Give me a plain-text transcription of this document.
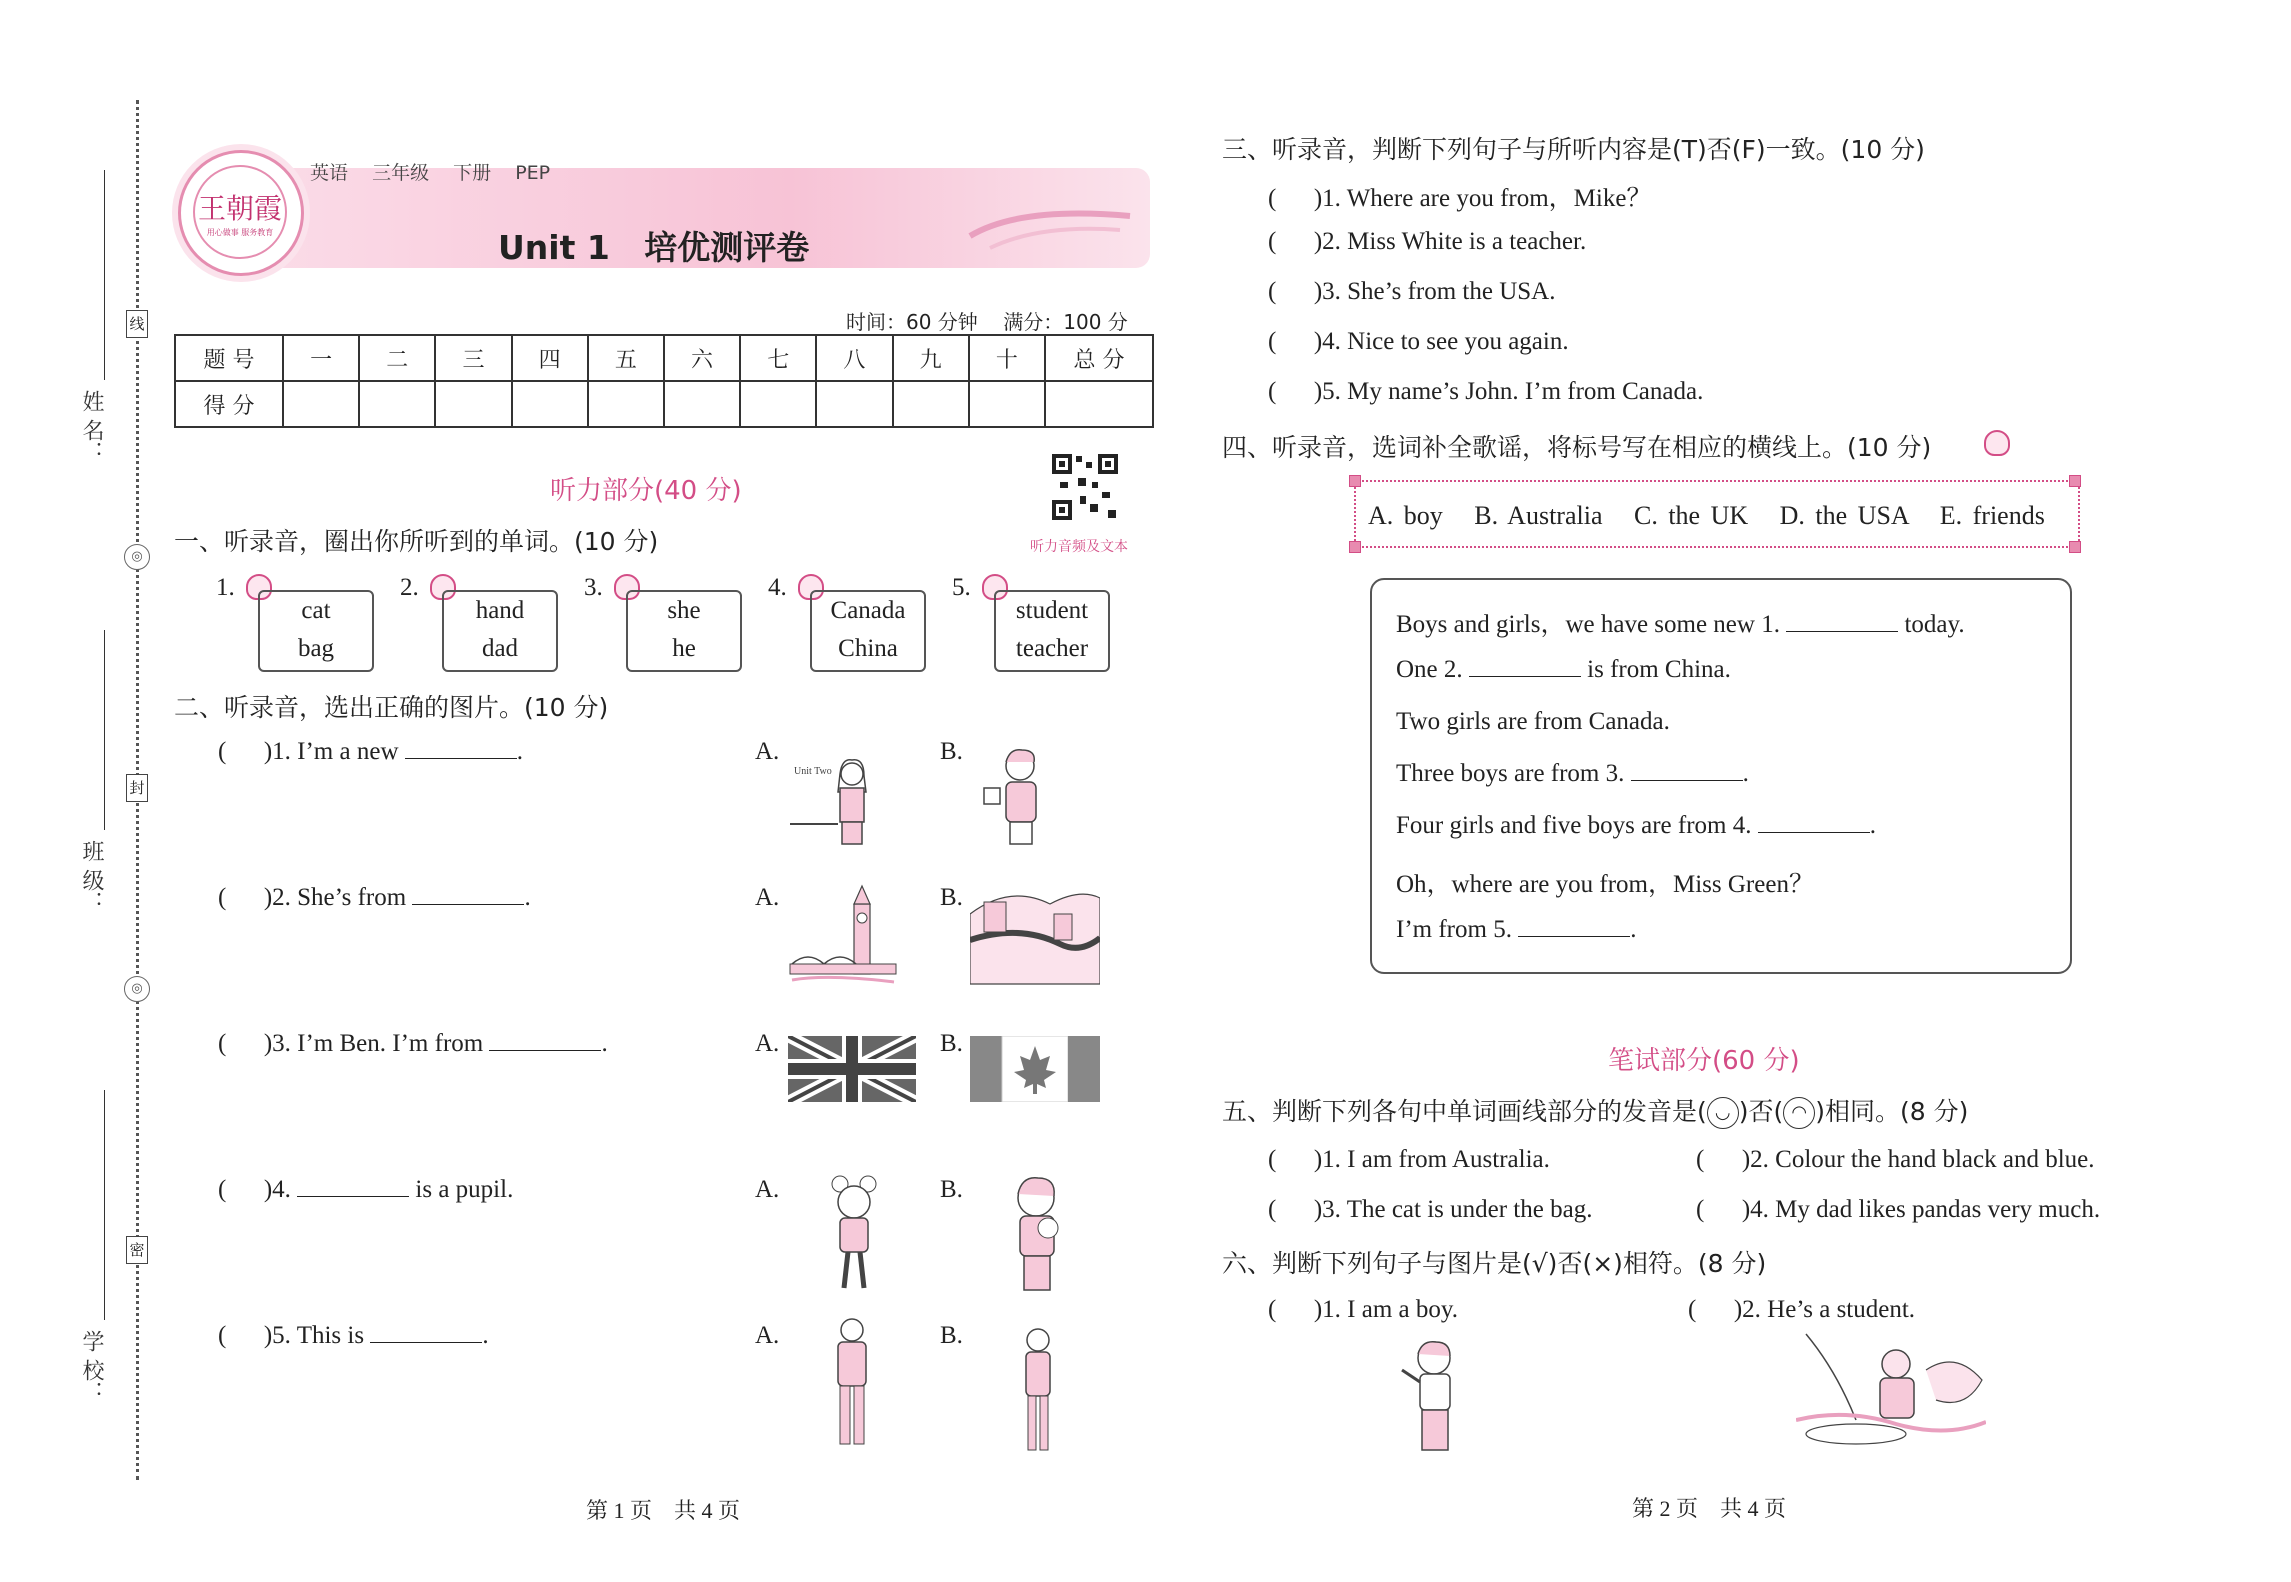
姓 名：
班 级：
学 校：
线
封
密
◎
◎
王朝霞
用心做事 服务教育
英语 三年级 下册 PEP
Unit 1   培优测评卷
时间：60 分钟 满分：100 分
题 号	一	二	三	四	五	六	七	八	九	十	总 分
得 分											
听力部分(40 分)
听力音频及文本
一、听录音，圈出你所听到的单词。(10 分)
1.
cat
bag
2.
hand
dad
3.
she
he
4.
Canada
China
5.
student
teacher
二、听录音，选出正确的图片。(10 分)
( )1. I’m a new	.	A.	B.
Unit Two
( )2. She’s from	.	A.	B.
( )3. I’m Ben. I’m from	.	A.	B.
( )4.	is a pupil.	A.	B.
( )5. This is	.	A.	B.
第 1 页    共 4 页
三、听录音，判断下列句子与所听内容是(T)否(F)一致。(10 分)
(      )1. Where are you from，Mike？
(      )2. Miss White is a teacher.
(      )3. She’s from the USA.
(      )4. Nice to see you again.
(      )5. My name’s John. I’m from Canada.
四、听录音，选词补全歌谣，将标号写在相应的横线上。(10 分)
A. boy   B. Australia   C. the UK   D. the USA   E. friends
Boys and girls，we have some new 1.	today.
One 2.	is from China.
Two girls are from Canada.
Three boys are from 3.	.
Four girls and five boys are from 4.	.
Oh，where are you from，Miss Green？
I’m from 5.	.
笔试部分(60 分)
五、判断下列各句中单词画线部分的发音是( ◡ )否( ◠ )相同。(8 分)
(      )1. I am from Australia.	(      )2. Colour the hand black and blue.
(      )3. The cat is under the bag.	(      )4. My dad likes pandas very much.
六、判断下列句子与图片是(√)否(×)相符。(8 分)
(      )1. I am a boy.	(      )2. He’s a student.
第 2 页    共 4 页
